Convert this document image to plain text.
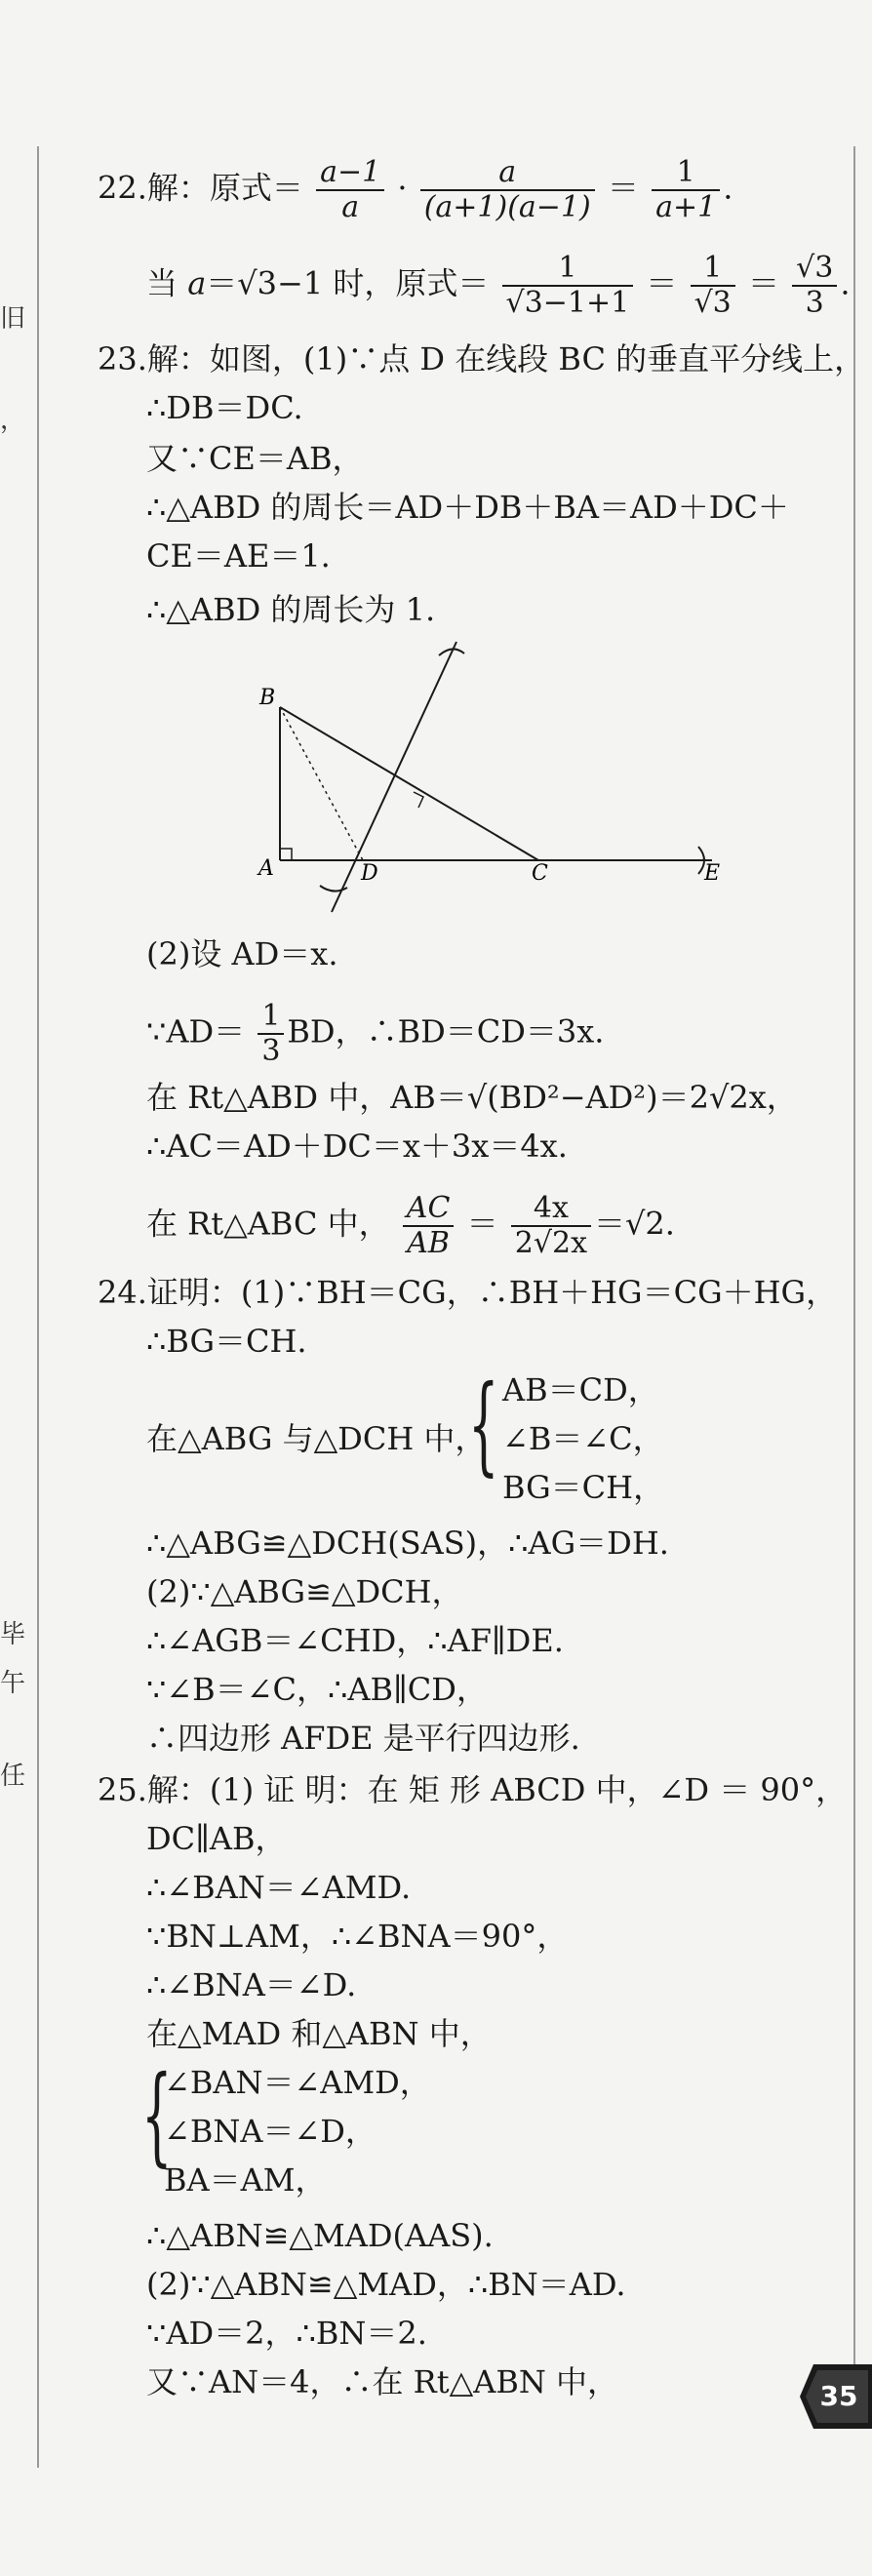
旧
，
毕
午
任
22.解：原式＝ $\frac{a-1}{a} \cdot \frac{a}{(a+1)(a-1)} = \frac{1}{a+1}$ .
当 a＝√3−1 时，原式＝ $\frac{1}{√3-1+1} = \frac{1}{√3} = \frac{√3}{3}$ .
23.解：如图，(1)∵点 D 在线段 BC 的垂直平分线上，
∴DB＝DC.
又∵CE＝AB，
∴△ABD 的周长＝AD＋DB＋BA＝AD＋DC＋
CE＝AE＝1.
∴△ABD 的周长为 1.
B
A	D	C	E
(2)设 AD＝x.
∵AD＝ $\frac{1}{3}$ BD，∴BD＝CD＝3x.
在 Rt△ABD 中，AB＝√(BD²−AD²)＝2√2x，
∴AC＝AD＋DC＝x＋3x＝4x.
在 Rt△ABC 中， $\frac{AC}{AB} = \frac{4x}{2√2x} =√2$.
24.证明：(1)∵BH＝CG，∴BH＋HG＝CG＋HG，
∴BG＝CH.
在△ABG 与△DCH 中，
{ AB＝CD，
∠B＝∠C，
BG＝CH，
∴△ABG≌△DCH(SAS)，∴AG＝DH.
(2)∵△ABG≌△DCH，
∴∠AGB＝∠CHD，∴AF∥DE.
∵∠B＝∠C，∴AB∥CD，
∴四边形 AFDE 是平行四边形.
25.解：(1) 证 明：在 矩 形 ABCD 中，∠D ＝ 90°，
DC∥AB，
∴∠BAN＝∠AMD.
∵BN⊥AM，∴∠BNA＝90°，
∴∠BNA＝∠D.
在△MAD 和△ABN 中，
{
∠BAN＝∠AMD，
∠BNA＝∠D，
BA＝AM，
∴△ABN≌△MAD(AAS).
(2)∵△ABN≌△MAD，∴BN＝AD.
∵AD＝2，∴BN＝2.
又∵AN＝4，∴在 Rt△ABN 中，	35
